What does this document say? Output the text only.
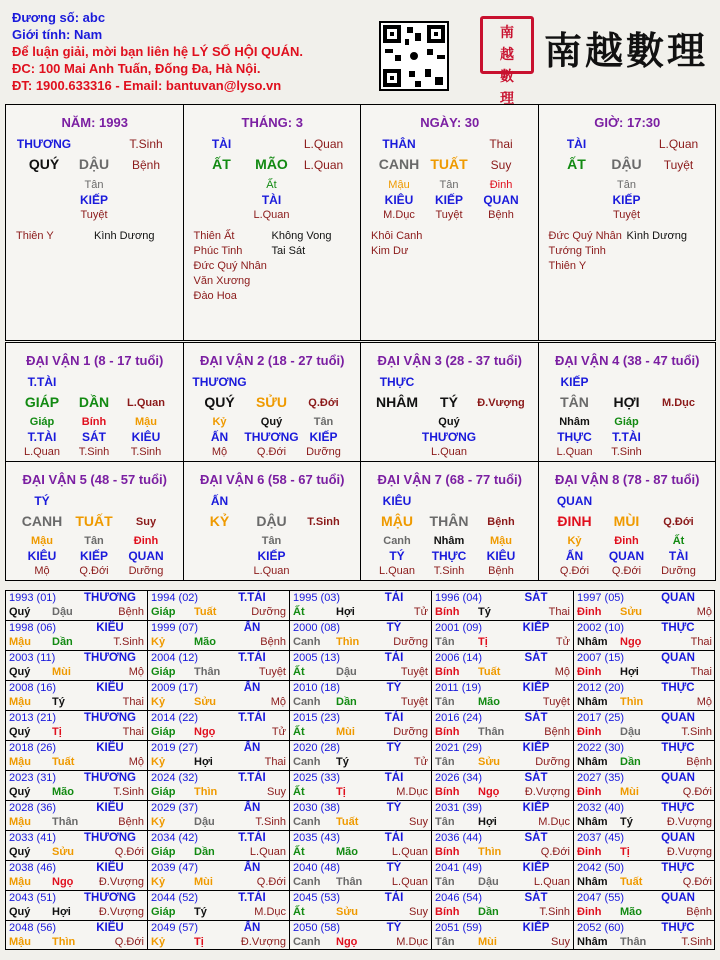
Đương số: abc
Giới tính: Nam
Để luận giải, mời bạn liên hệ LÝ SỐ HỘI QUÁN.
ĐC: 100 Mai Anh Tuấn, Đống Đa, Hà Nội.
ĐT: 1900.633316 - Email: bantuvan@lyso.vn
南
越
數
理
南越數理
NĂM: 1993
THƯƠNG	T.Sinh
QUÝ	DẬU	Bệnh
Tân
KIẾP
Tuyệt
Thiên Y	Kình Dương
THÁNG: 3
TÀI	L.Quan
ẤT	MÃO	L.Quan
Ất
TÀI
L.Quan
Thiên Ất	Không Vong
Phúc Tinh	Tai Sát
Đức Quý Nhân
Văn Xương
Đào Hoa
NGÀY: 30
THÂN	Thai
CANH TUẤT	Suy
Mậu
KIÊU
M.Dục
Tân
KIẾP
Tuyệt
Đinh
QUAN
Bệnh
Khôi Canh
Kim Dư
GIỜ: 17:30
TÀI	L.Quan
ẤT	DẬU	Tuyệt
Tân
KIẾP
Tuyệt
Đức Quý Nhân Kình Dương
Tướng Tinh
Thiên Y
ĐẠI VẬN 1 (8 - 17 tuổi)
T.TÀI
GIÁP	DẦN	L.Quan
Giáp
T.TÀI
L.Quan
Bính
SÁT
T.Sinh
Mậu
KIÊU
T.Sinh
ĐẠI VẬN 2 (18 - 27 tuổi)
THƯƠNG
QUÝ	SỬU	Q.Đới
Kỷ
ẤN
Mộ
Quý
THƯƠNG
Q.Đới
Tân
KIẾP
Dưỡng
ĐẠI VẬN 3 (28 - 37 tuổi)
THỰC
NHÂM	TÝ	Đ.Vượng
Quý
THƯƠNG
L.Quan
ĐẠI VẬN 4 (38 - 47 tuổi)
KIẾP
TÂN	HỢI	M.Dục
Nhâm
THỰC
L.Quan
Giáp
T.TÀI
T.Sinh
ĐẠI VẬN 5 (48 - 57 tuổi)
TÝ
CANH TUẤT	Suy
Mậu
KIÊU
Mộ
Tân
KIẾP
Q.Đới
Đinh
QUAN
Dưỡng
ĐẠI VẬN 6 (58 - 67 tuổi)
ẤN
KỶ	DẬU	T.Sinh
Tân
KIẾP
L.Quan
ĐẠI VẬN 7 (68 - 77 tuổi)
KIÊU
MẬU	THÂN	Bệnh
Canh
TÝ
L.Quan
Nhâm
THỰC
T.Sinh
Mậu
KIÊU
Bệnh
ĐẠI VẬN 8 (78 - 87 tuổi)
QUAN
ĐINH	MÙI	Q.Đới
Kỷ
ẤN
Q.Đới
Đinh
QUAN
Q.Đới
Ất
TÀI
Dưỡng
1993 (01)	THƯƠNG
Quý Dậu	Bệnh
1994 (02)	T.TÀI
Giáp Tuất	Dưỡng
1995 (03)	TÀI
Ất	Hợi	Tử
1996 (04)	SÁT
Bính Tý	Thai
1997 (05)	QUAN
Đinh Sửu	Mộ
1998 (06)	KIÊU
Mậu Dần	T.Sinh
1999 (07)	ẤN
Kỷ	Mão	Bệnh
2000 (08)	TÝ
Canh Thìn	Dưỡng
2001 (09)	KIẾP
Tân Tị	Tử
2002 (10)	THỰC
Nhâm Ngọ	Thai
2003 (11)	THƯƠNG
Quý Mùi	Mộ
2004 (12)	T.TÀI
Giáp Thân	Tuyệt
2005 (13)	TÀI
Ất	Dậu	Tuyệt
2006 (14)	SÁT
Bính Tuất	Mộ
2007 (15)	QUAN
Đinh Hợi	Thai
2008 (16)	KIÊU
Mậu Tý	Thai
2009 (17)	ẤN
Kỷ	Sửu	Mộ
2010 (18)	TÝ
Canh Dần	Tuyệt
2011 (19)	KIẾP
Tân Mão	Tuyệt
2012 (20)	THỰC
Nhâm Thìn	Mộ
2013 (21)	THƯƠNG
Quý Tị	Thai
2014 (22)	T.TÀI
Giáp Ngọ	Tử
2015 (23)	TÀI
Ất	Mùi	Dưỡng
2016 (24)	SÁT
Bính Thân	Bệnh
2017 (25)	QUAN
Đinh Dậu	T.Sinh
2018 (26)	KIÊU
Mậu Tuất	Mộ
2019 (27)	ẤN
Kỷ	Hợi	Thai
2020 (28)	TÝ
Canh Tý	Tử
2021 (29)	KIẾP
Tân Sửu	Dưỡng
2022 (30)	THỰC
Nhâm Dần	Bệnh
2023 (31)	THƯƠNG
Quý Mão	T.Sinh
2024 (32)	T.TÀI
Giáp Thìn	Suy
2025 (33)	TÀI
Ất	Tị	M.Dục
2026 (34)	SÁT
Bính Ngọ Đ.Vượng
2027 (35)	QUAN
Đinh Mùi	Q.Đới
2028 (36)	KIÊU
Mậu Thân	Bệnh
2029 (37)	ẤN
Kỷ	Dậu	T.Sinh
2030 (38)	TÝ
Canh Tuất	Suy
2031 (39)	KIẾP
Tân Hợi	M.Dục
2032 (40)	THỰC
Nhâm Tý	Đ.Vượng
2033 (41)	THƯƠNG
Quý Sửu	Q.Đới
2034 (42)	T.TÀI
Giáp Dần	L.Quan
2035 (43)	TÀI
Ất	Mão	L.Quan
2036 (44)	SÁT
Bính Thìn	Q.Đới
2037 (45)	QUAN
Đinh Tị	Đ.Vượng
2038 (46)	KIÊU
Mậu Ngọ Đ.Vượng
2039 (47)	ẤN
Kỷ	Mùi	Q.Đới
2040 (48)	TÝ
Canh Thân	L.Quan
2041 (49)	KIẾP
Tân Dậu	L.Quan
2042 (50)	THỰC
Nhâm Tuất	Q.Đới
2043 (51)	THƯƠNG
Quý Hợi	Đ.Vượng
2044 (52)	T.TÀI
Giáp Tý	M.Dục
2045 (53)	TÀI
Ất	Sửu	Suy
2046 (54)	SÁT
Bính Dần	T.Sinh
2047 (55)	QUAN
Đinh Mão	Bệnh
2048 (56)	KIÊU
Mậu Thìn	Q.Đới
2049 (57)	ẤN
Kỷ	Tị	Đ.Vượng
2050 (58)	TÝ
Canh Ngọ	M.Dục
2051 (59)	KIẾP
Tân Mùi	Suy
2052 (60)	THỰC
Nhâm Thân	T.Sinh
